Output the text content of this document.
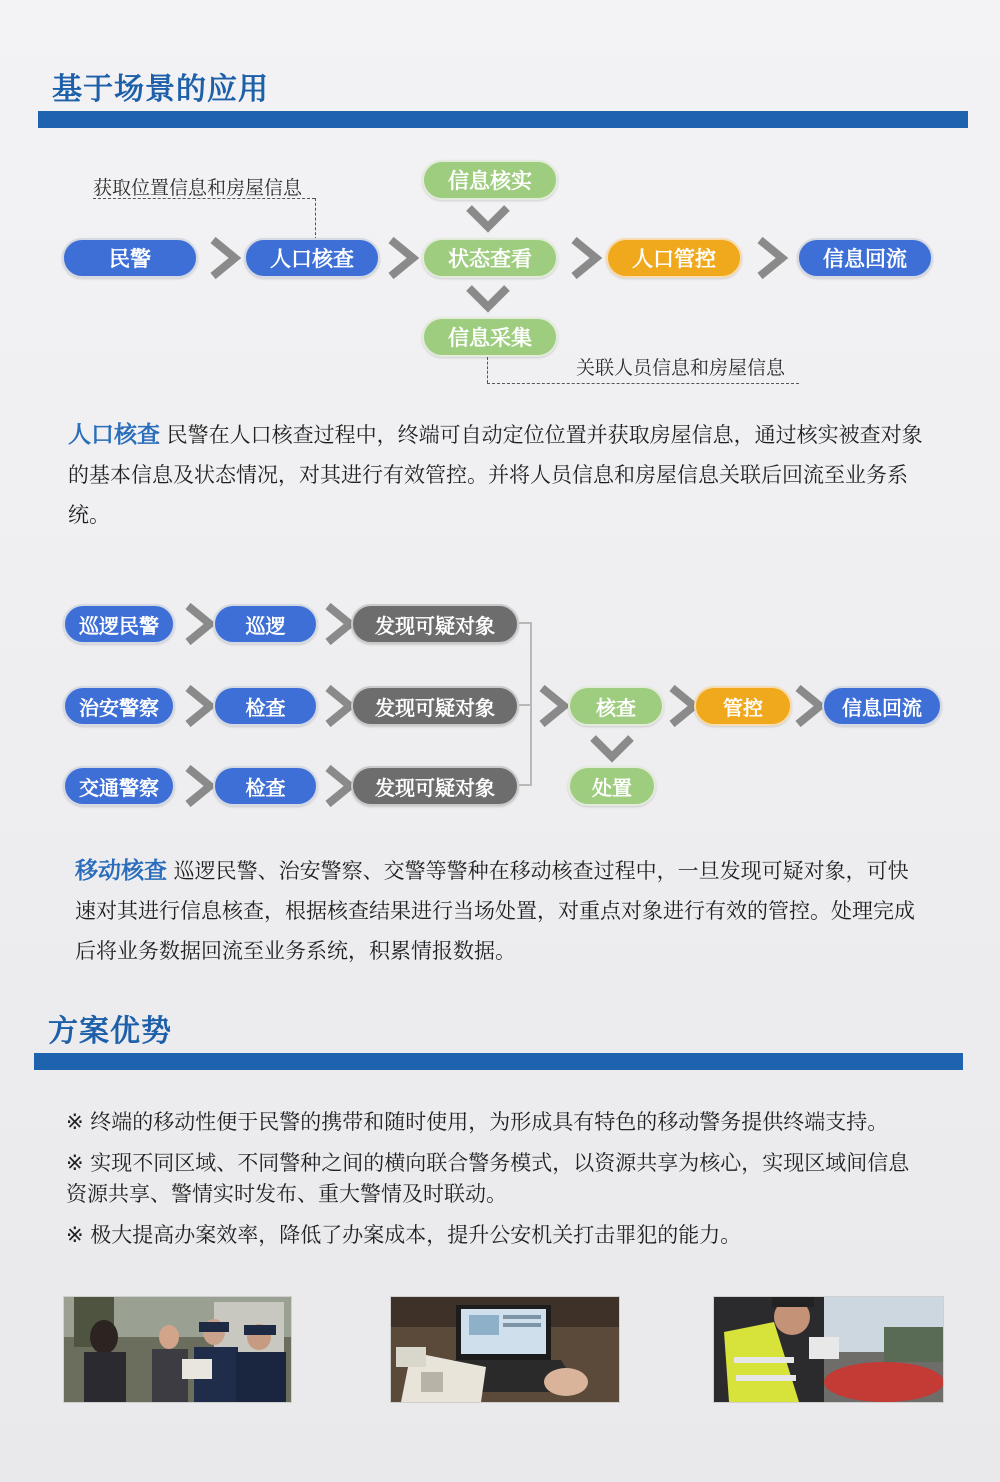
基于场景的应用
获取位置信息和房屋信息	信息核实
民警	人口核查	状态查看	人口管控	信息回流
信息采集
关联人员信息和房屋信息
人口核查 民警在人口核查过程中，终端可自动定位位置并获取房屋信息，通过核实被查对象的基本信息及状态情况，对其进行有效管控。并将人员信息和房屋信息关联后回流至业务系统。
巡逻民警	巡逻	发现可疑对象
治安警察	检查	发现可疑对象
交通警察	检查	发现可疑对象
核查	管控	信息回流
处置
移动核查 巡逻民警、治安警察、交警等警种在移动核查过程中，一旦发现可疑对象，可快速对其进行信息核查，根据核查结果进行当场处置，对重点对象进行有效的管控。处理完成后将业务数据回流至业务系统，积累情报数据。
方案优势
※ 终端的移动性便于民警的携带和随时使用，为形成具有特色的移动警务提供终端支持。
※ 实现不同区域、不同警种之间的横向联合警务模式，以资源共享为核心，实现区域间信息资源共享、警情实时发布、重大警情及时联动。
※ 极大提高办案效率，降低了办案成本，提升公安机关打击罪犯的能力。
